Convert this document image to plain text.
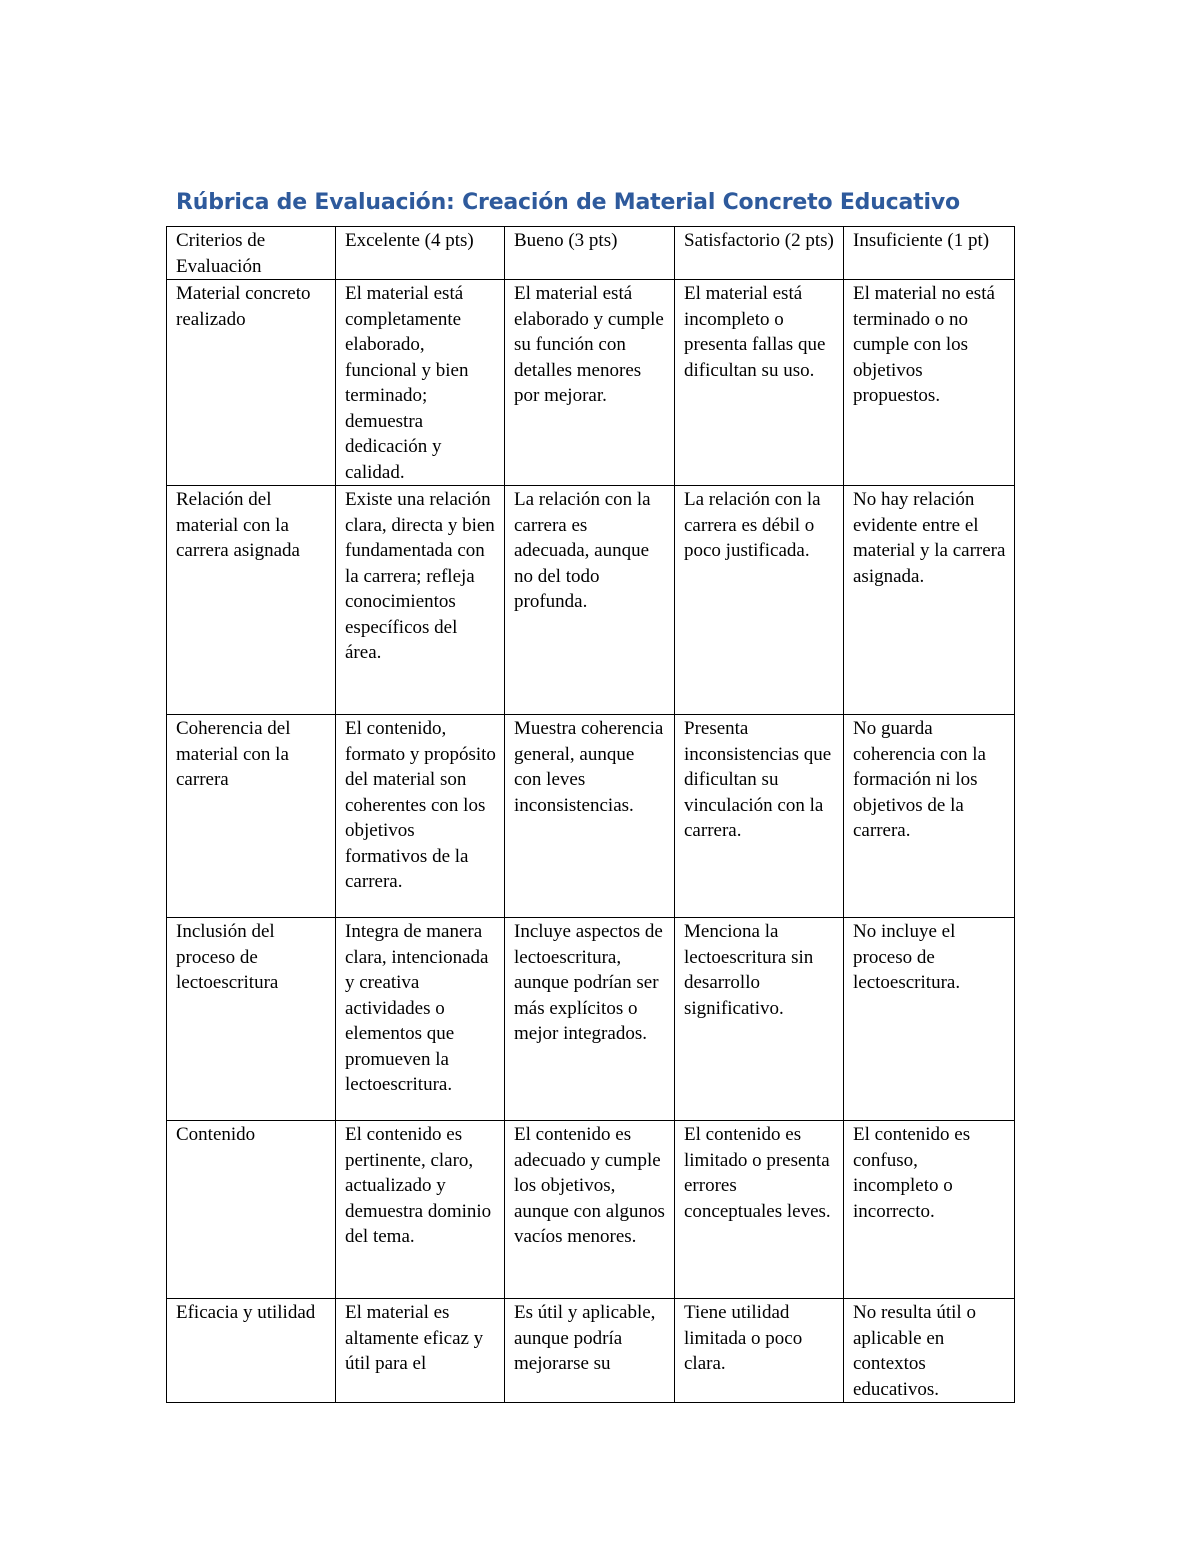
Rúbrica de Evaluación: Creación de Material Concreto Educativo
Criterios de Evaluación	Excelente (4 pts)	Bueno (3 pts)	Satisfactorio (2 pts)	Insuficiente (1 pt)
Material concreto realizado	El material está completamente elaborado, funcional y bien terminado; demuestra dedicación y calidad.	El material está elaborado y cumple su función con detalles menores por mejorar.	El material está incompleto o presenta fallas que dificultan su uso.	El material no está terminado o no cumple con los objetivos propuestos.
Relación del material con la carrera asignada	Existe una relación clara, directa y bien fundamentada con la carrera; refleja conocimientos específicos del área.	La relación con la carrera es adecuada, aunque no del todo profunda.	La relación con la carrera es débil o poco justificada.	No hay relación evidente entre el material y la carrera asignada.
Coherencia del material con la carrera	El contenido, formato y propósito del material son coherentes con los objetivos formativos de la carrera.	Muestra coherencia general, aunque con leves inconsistencias.	Presenta inconsistencias que dificultan su vinculación con la carrera.	No guarda coherencia con la formación ni los objetivos de la carrera.
Inclusión del proceso de lectoescritura	Integra de manera clara, intencionada y creativa actividades o elementos que promueven la lectoescritura.	Incluye aspectos de lectoescritura, aunque podrían ser más explícitos o mejor integrados.	Menciona la lectoescritura sin desarrollo significativo.	No incluye el proceso de lectoescritura.
Contenido	El contenido es pertinente, claro, actualizado y demuestra dominio del tema.	El contenido es adecuado y cumple los objetivos, aunque con algunos vacíos menores.	El contenido es limitado o presenta errores conceptuales leves.	El contenido es confuso, incompleto o incorrecto.
Eficacia y utilidad	El material es altamente eficaz y útil para el	Es útil y aplicable, aunque podría mejorarse su	Tiene utilidad limitada o poco clara.	No resulta útil o aplicable en contextos educativos.
